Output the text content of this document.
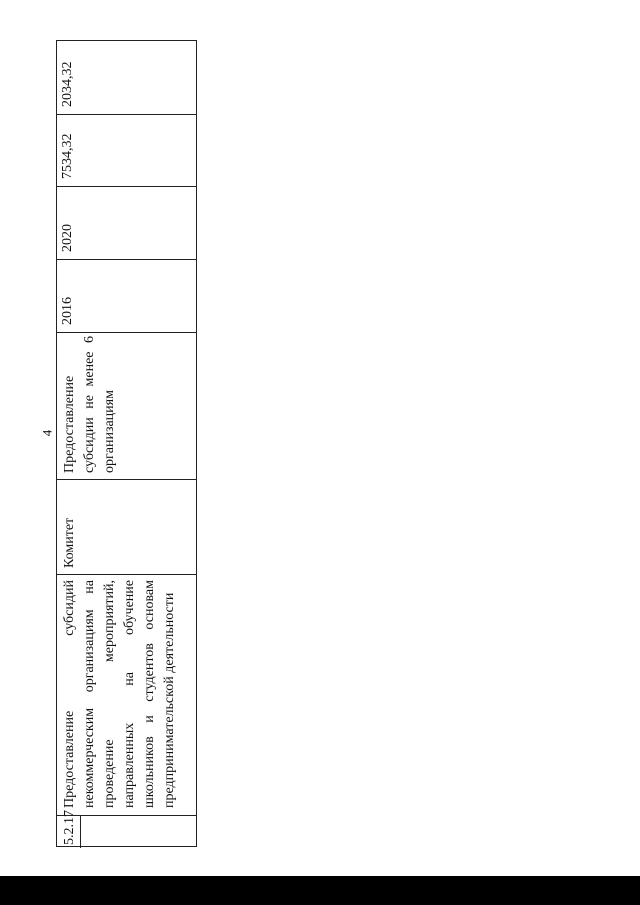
4
5.2.17
Предоставление субсидий некоммерческим организациям на проведение мероприятий, направленных на обучение школьников и студентов основам предпринимательской деятельности
Комитет
Предоставление субсидии не менее 6 организациям
2016
2020
7534,32
2034,32
